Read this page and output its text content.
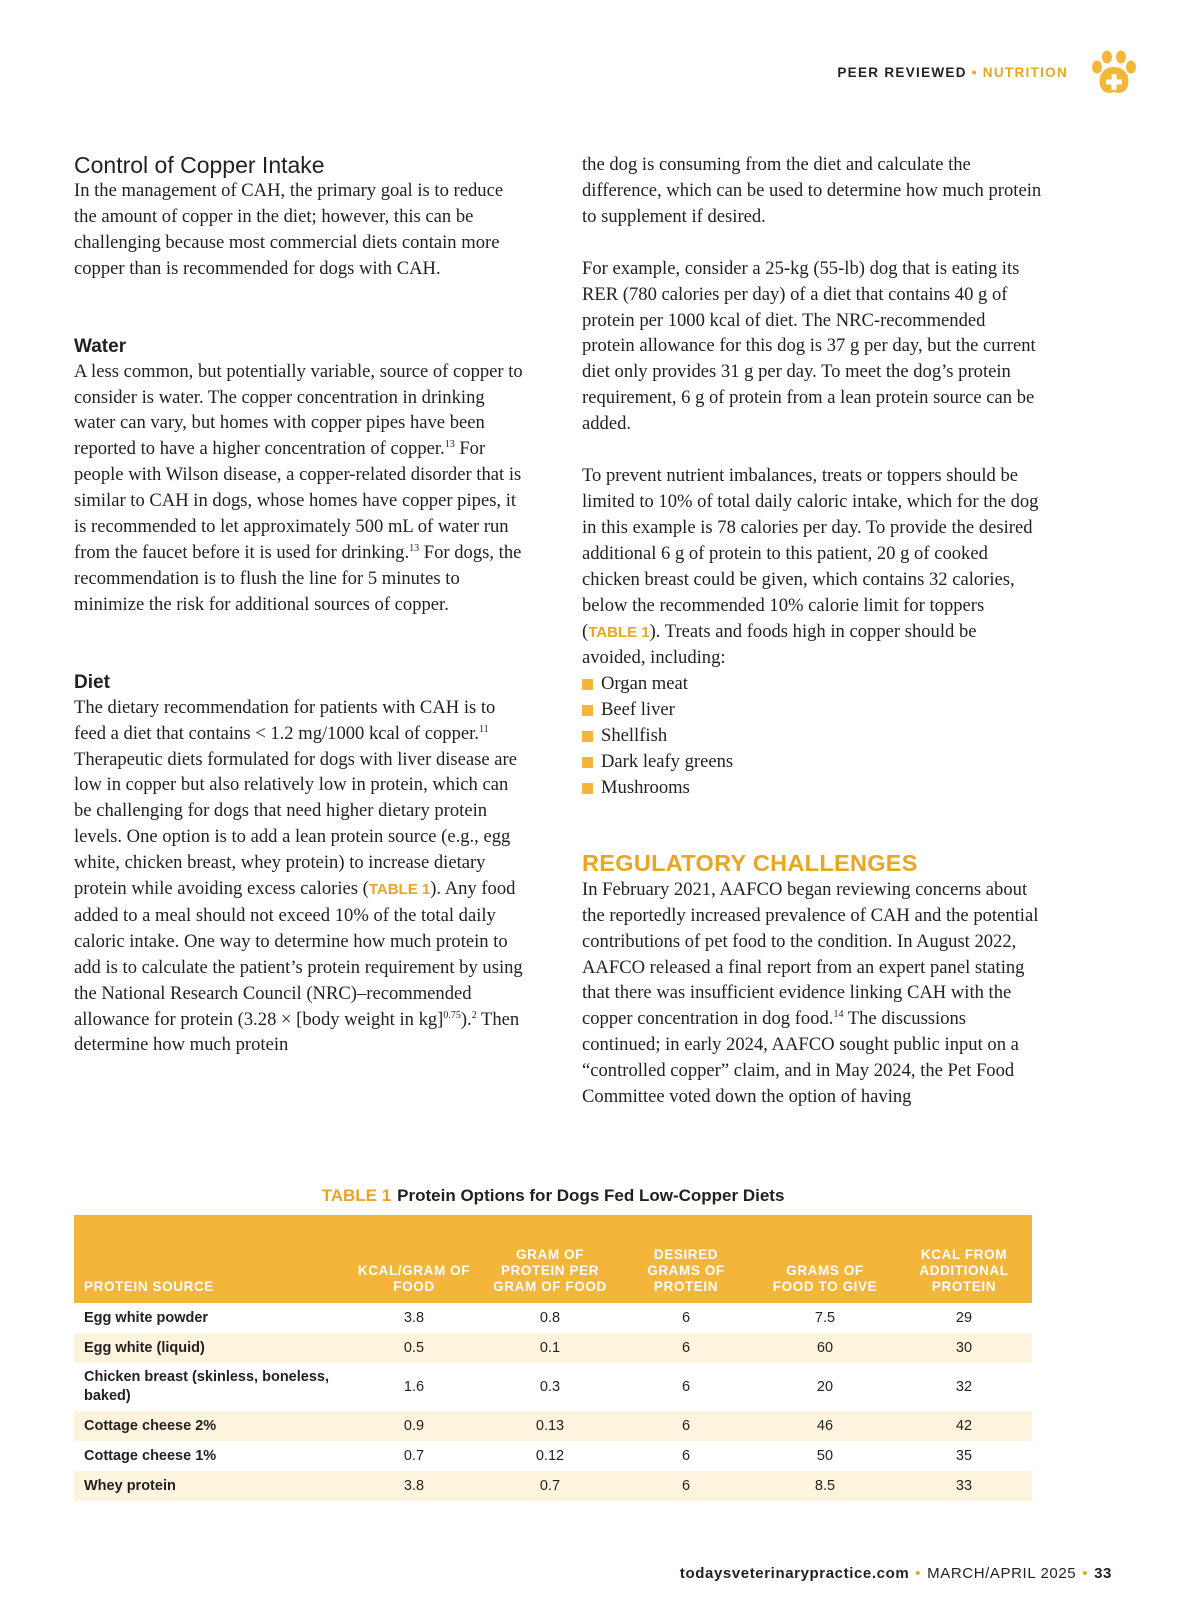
PEER REVIEWED • NUTRITION
Control of Copper Intake

In the management of CAH, the primary goal is to reduce the amount of copper in the diet; however, this can be challenging because most commercial diets contain more copper than is recommended for dogs with CAH.

Water

A less common, but potentially variable, source of copper to consider is water. The copper concentration in drinking water can vary, but homes with copper pipes have been reported to have a higher concentration of copper.$^{13}$ For people with Wilson disease, a copper-related disorder that is similar to CAH in dogs, whose homes have copper pipes, it is recommended to let approximately 500 mL of water run from the faucet before it is used for drinking.$^{13}$ For dogs, the recommendation is to flush the line for 5 minutes to minimize the risk for additional sources of copper.

Diet

The dietary recommendation for patients with CAH is to feed a diet that contains < 1.2 mg/1000 kcal of copper.$^{11}$ Therapeutic diets formulated for dogs with liver disease are low in copper but also relatively low in protein, which can be challenging for dogs that need higher dietary protein levels. One option is to add a lean protein source (e.g., egg white, chicken breast, whey protein) to increase dietary protein while avoiding excess calories (TABLE 1). Any food added to a meal should not exceed 10% of the total daily caloric intake. One way to determine how much protein to add is to calculate the patient’s protein requirement by using the National Research Council (NRC)–recommended allowance for protein (3.28 × [body weight in kg]$^{0.75}$).$^2$ Then determine how much protein

the dog is consuming from the diet and calculate the difference, which can be used to determine how much protein to supplement if desired.

For example, consider a 25-kg (55-lb) dog that is eating its RER (780 calories per day) of a diet that contains 40 g of protein per 1000 kcal of diet. The NRC-recommended protein allowance for this dog is 37 g per day, but the current diet only provides 31 g per day. To meet the dog’s protein requirement, 6 g of protein from a lean protein source can be added.

To prevent nutrient imbalances, treats or toppers should be limited to 10% of total daily caloric intake, which for the dog in this example is 78 calories per day. To provide the desired additional 6 g of protein to this patient, 20 g of cooked chicken breast could be given, which contains 32 calories, below the recommended 10% calorie limit for toppers (TABLE 1). Treats and foods high in copper should be avoided, including:

Organ meat
Beef liver
Shellfish
Dark leafy greens
Mushrooms
REGULATORY CHALLENGES

In February 2021, AAFCO began reviewing concerns about the reportedly increased prevalence of CAH and the potential contributions of pet food to the condition. In August 2022, AAFCO released a final report from an expert panel stating that there was insufficient evidence linking CAH with the copper concentration in dog food.$^{14}$ The discussions continued; in early 2024, AAFCO sought public input on a “controlled copper” claim, and in May 2024, the Pet Food Committee voted down the option of having

TABLE 1 Protein Options for Dogs Fed Low-Copper Diets
PROTEIN SOURCE	KCAL/GRAM OF FOOD	GRAM OF PROTEIN PER GRAM OF FOOD	DESIRED GRAMS OF PROTEIN	GRAMS OF FOOD TO GIVE	KCAL FROM ADDITIONAL PROTEIN
Egg white powder	3.8	0.8	6	7.5	29
Egg white (liquid)	0.5	0.1	6	60	30
Chicken breast (skinless, boneless, baked)	1.6	0.3	6	20	32
Cottage cheese 2%	0.9	0.13	6	46	42
Cottage cheese 1%	0.7	0.12	6	50	35
Whey protein	3.8	0.7	6	8.5	33
todaysveterinarypractice.com • MARCH/APRIL 2025 • 33
